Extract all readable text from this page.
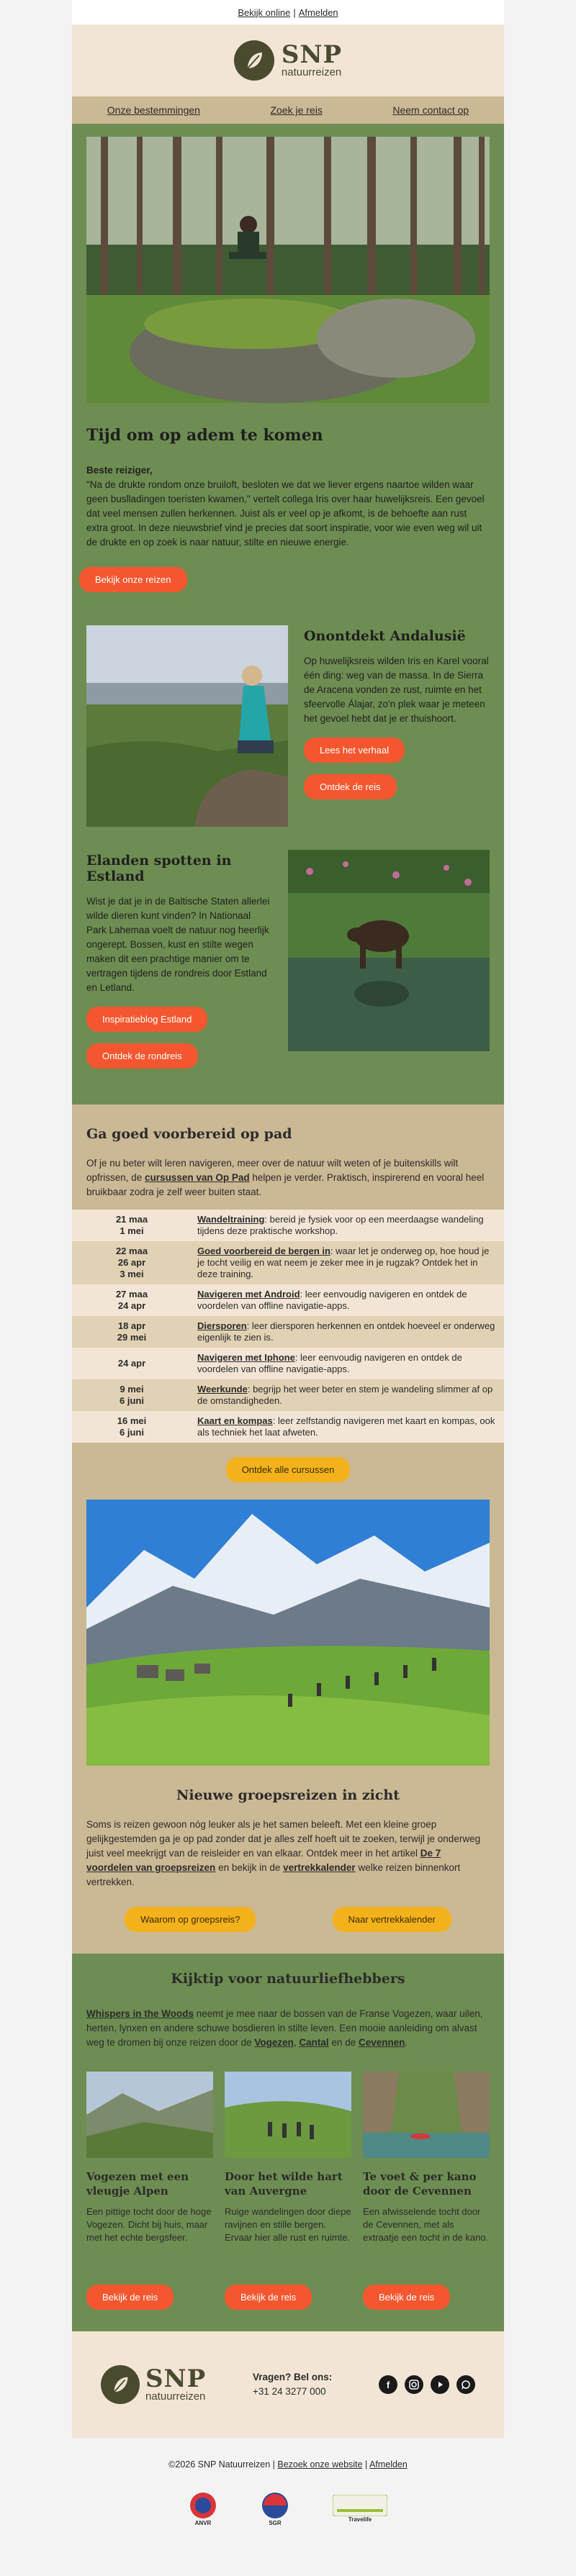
Bekijk online | Afmelden
SNP
natuurreizen
Onze bestemmingen	Zoek je reis	Neem contact op
Tijd om op adem te komen

Beste reiziger,
"Na de drukte rondom onze bruiloft, besloten we dat we liever ergens naartoe wilden waar geen buslladingen toeristen kwamen," vertelt collega Iris over haar huwelijksreis. Een gevoel dat veel mensen zullen herkennen. Juist als er veel op je afkomt, is de behoefte aan rust extra groot. In deze nieuwsbrief vind je precies dat soort inspiratie, voor wie even weg wil uit de drukte en op zoek is naar natuur, stilte en nieuwe energie.

Bekijk onze reizen
Onontdekt Andalusië

Op huwelijksreis wilden Iris en Karel vooral één ding: weg van de massa. In de Sierra de Aracena vonden ze rust, ruimte en het sfeervolle Álajar, zo'n plek waar je meteen het gevoel hebt dat je er thuishoort.

Lees het verhaal
Ontdek de reis
Elanden spotten in Estland

Wist je dat je in de Baltische Staten allerlei wilde dieren kunt vinden? In Nationaal Park Lahemaa voelt de natuur nog heerlijk ongerept. Bossen, kust en stilte wegen maken dit een prachtige manier om te vertragen tijdens de rondreis door Estland en Letland.

Inspiratieblog Estland
Ontdek de rondreis
Ga goed voorbereid op pad
Of je nu beter wilt leren navigeren, meer over de natuur wilt weten of je buitenskills wilt opfrissen, de cursussen van Op Pad helpen je verder. Praktisch, inspirerend en vooral heel bruikbaar zodra je zelf weer buiten staat.
21 maa
1 mei	Wandeltraining: bereid je fysiek voor op een meerdaagse wandeling tijdens deze praktische workshop.

22 maa
26 apr
3 mei	Goed voorbereid de bergen in: waar let je onderweg op, hoe houd je je tocht veilig en wat neem je zeker mee in je rugzak? Ontdek het in deze training.

27 maa
24 apr	Navigeren met Android: leer eenvoudig navigeren en ontdek de voordelen van offline navigatie-apps.

18 apr
29 mei	Diersporen: leer diersporen herkennen en ontdek hoeveel er onderweg eigenlijk te zien is.

24 apr	Navigeren met Iphone: leer eenvoudig navigeren en ontdek de voordelen van offline navigatie-apps.

9 mei
6 juni	Weerkunde: begrijp het weer beter en stem je wandeling slimmer af op de omstandigheden.

16 mei
6 juni	Kaart en kompas: leer zelfstandig navigeren met kaart en kompas, ook als techniek het laat afweten.
Ontdek alle cursussen
Nieuwe groepsreizen in zicht

Soms is reizen gewoon nóg leuker als je het samen beleeft. Met een kleine groep gelijkgestemden ga je op pad zonder dat je alles zelf hoeft uit te zoeken, terwijl je onderweg juist veel meekrijgt van de reisleider en van elkaar. Ontdek meer in het artikel De 7 voordelen van groepsreizen en bekijk in de vertrekkalender welke reizen binnenkort vertrekken.

Waarom op groepsreis?	Naar vertrekkalender
Kijktip voor natuurliefhebbers

Whispers in the Woods neemt je mee naar de bossen van de Franse Vogezen, waar uilen, herten, lynxen en andere schuwe bosdieren in stilte leven. Een mooie aanleiding om alvast weg te dromen bij onze reizen door de Vogezen, Cantal en de Cevennen.

Vogezen met een vleugje Alpen

Een pittige tocht door de hoge Vogezen. Dicht bij huis, maar met het echte bergsfeer.

Bekijk de reis
Door het wilde hart van Auvergne

Ruige wandelingen door diepe ravijnen en stille bergen. Ervaar hier alle rust en ruimte.

Bekijk de reis
Te voet & per kano door de Cevennen

Een afwisselende tocht door de Cevennen, met als extraatje een tocht in de kano.

Bekijk de reis
SNP
natuurreizen
Vragen? Bel ons:
+31 24 3277 000
f
©2026 SNP Natuurreizen | Bezoek onze website | Afmelden
ANVR	SGR
Travelife
